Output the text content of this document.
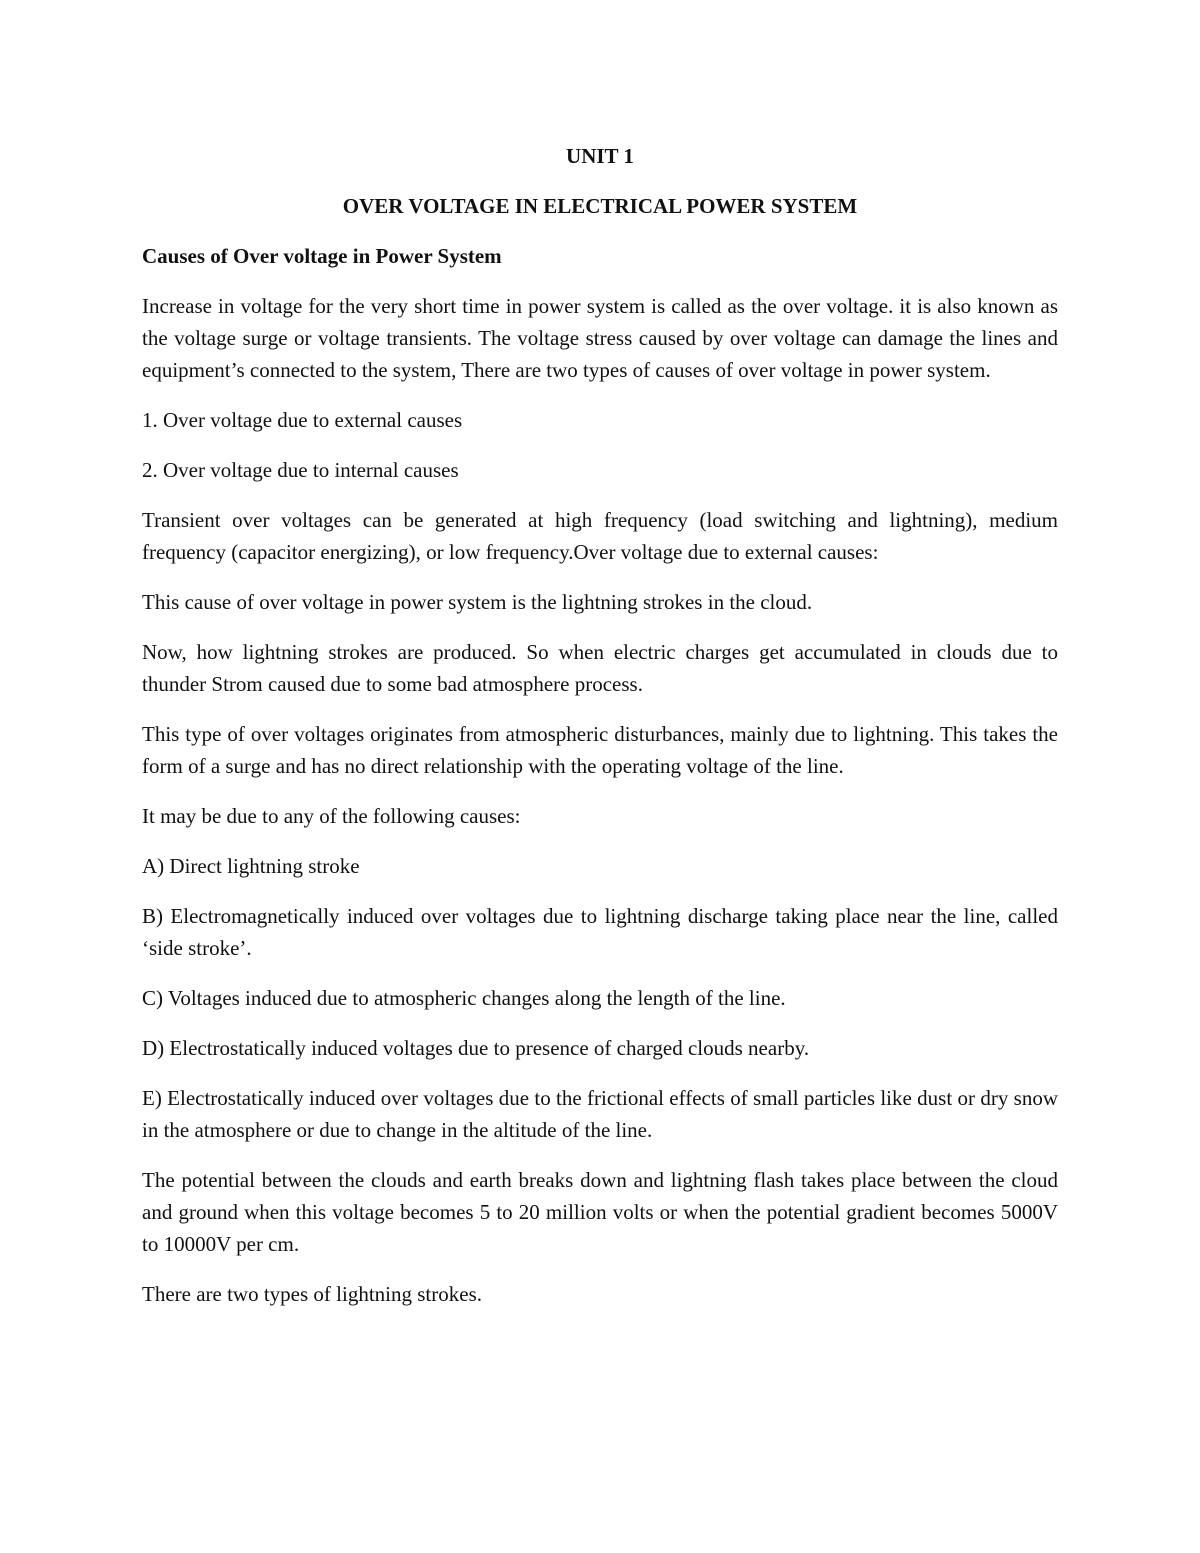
UNIT 1

OVER VOLTAGE IN ELECTRICAL POWER SYSTEM

Causes of Over voltage in Power System

Increase in voltage for the very short time in power system is called as the over voltage. it is also known as the voltage surge or voltage transients. The voltage stress caused by over voltage can damage the lines and equipment’s connected to the system, There are two types of causes of over voltage in power system.

1. Over voltage due to external causes

2. Over voltage due to internal causes

Transient over voltages can be generated at high frequency (load switching and lightning), medium frequency (capacitor energizing), or low frequency.Over voltage due to external causes:

This cause of over voltage in power system is the lightning strokes in the cloud.

Now, how lightning strokes are produced. So when electric charges get accumulated in clouds due to thunder Strom caused due to some bad atmosphere process.

This type of over voltages originates from atmospheric disturbances, mainly due to lightning. This takes the form of a surge and has no direct relationship with the operating voltage of the line.

It may be due to any of the following causes:

A) Direct lightning stroke

B) Electromagnetically induced over voltages due to lightning discharge taking place near the line, called ‘side stroke’.

C) Voltages induced due to atmospheric changes along the length of the line.

D) Electrostatically induced voltages due to presence of charged clouds nearby.

E) Electrostatically induced over voltages due to the frictional effects of small particles like dust or dry snow in the atmosphere or due to change in the altitude of the line.

The potential between the clouds and earth breaks down and lightning flash takes place between the cloud and ground when this voltage becomes 5 to 20 million volts or when the potential gradient becomes 5000V to 10000V per cm.

There are two types of lightning strokes.
